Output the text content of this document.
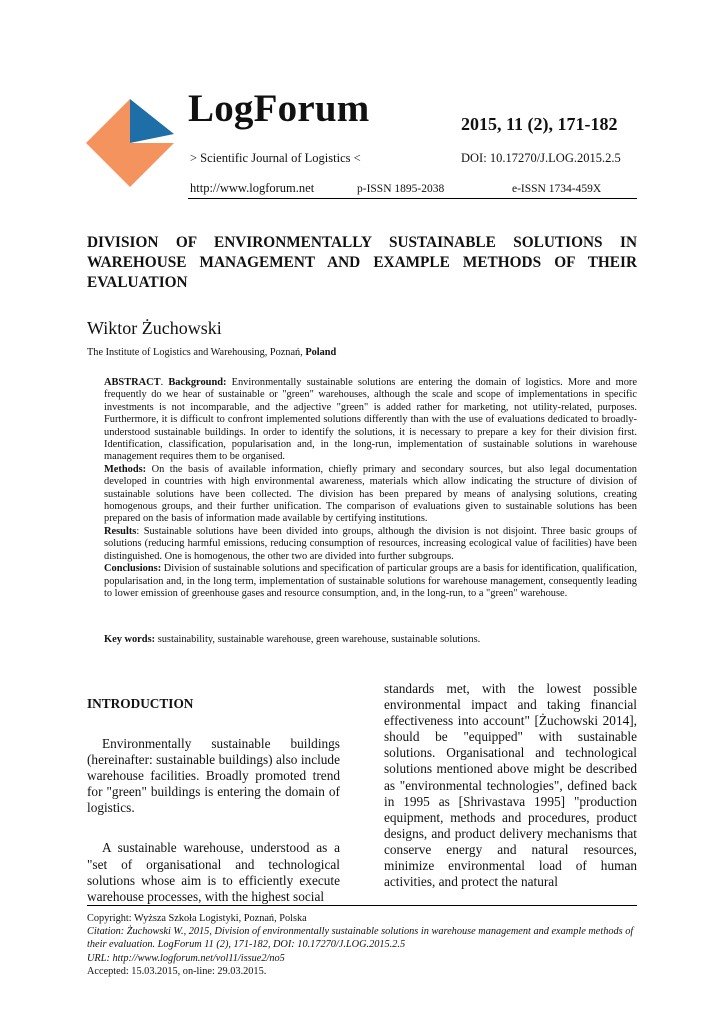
LogForum	2015, 11 (2), 171-182
> Scientific Journal of Logistics <	DOI: 10.17270/J.LOG.2015.2.5
http://www.logforum.net	p-ISSN 1895-2038	e-ISSN 1734-459X
DIVISION OF ENVIRONMENTALLY SUSTAINABLE SOLUTIONS IN WAREHOUSE MANAGEMENT AND EXAMPLE METHODS OF THEIR EVALUATION
Wiktor Żuchowski
The Institute of Logistics and Warehousing, Poznań, Poland

ABSTRACT. Background: Environmentally sustainable solutions are entering the domain of logistics. More and more frequently do we hear of sustainable or "green" warehouses, although the scale and scope of implementations in specific investments is not incomparable, and the adjective "green" is added rather for marketing, not utility-related, purposes. Furthermore, it is difficult to confront implemented solutions differently than with the use of evaluations dedicated to broadly-understood sustainable buildings. In order to identify the solutions, it is necessary to prepare a key for their division first. Identification, classification, popularisation and, in the long-run, implementation of sustainable solutions in warehouse management requires them to be organised.

Methods: On the basis of available information, chiefly primary and secondary sources, but also legal documentation developed in countries with high environmental awareness, materials which allow indicating the structure of division of sustainable solutions have been collected. The division has been prepared by means of analysing solutions, creating homogenous groups, and their further unification. The comparison of evaluations given to sustainable solutions has been prepared on the basis of information made available by certifying institutions.

Results: Sustainable solutions have been divided into groups, although the division is not disjoint. Three basic groups of solutions (reducing harmful emissions, reducing consumption of resources, increasing ecological value of facilities) have been distinguished. One is homogenous, the other two are divided into further subgroups.

Conclusions: Division of sustainable solutions and specification of particular groups are a basis for identification, qualification, popularisation and, in the long term, implementation of sustainable solutions for warehouse management, consequently leading to lower emission of greenhouse gases and resource consumption, and, in the long-run, to a "green" warehouse.

Key words: sustainability, sustainable warehouse, green warehouse, sustainable solutions.
INTRODUCTION

Environmentally sustainable buildings (hereinafter: sustainable buildings) also include warehouse facilities. Broadly promoted trend for "green" buildings is entering the domain of logistics.

A sustainable warehouse, understood as a "set of organisational and technological solutions whose aim is to efficiently execute warehouse processes, with the highest social

standards met, with the lowest possible environmental impact and taking financial effectiveness into account" [Żuchowski 2014], should be "equipped" with sustainable solutions. Organisational and technological solutions mentioned above might be described as "environmental technologies", defined back in 1995 as [Shrivastava 1995] "production equipment, methods and procedures, product designs, and product delivery mechanisms that conserve energy and natural resources, minimize environmental load of human activities, and protect the natural

Copyright: Wyższa Szkoła Logistyki, Poznań, Polska
Citation: Żuchowski W., 2015, Division of environmentally sustainable solutions in warehouse management and example methods of their evaluation. LogForum 11 (2), 171-182, DOI: 10.17270/J.LOG.2015.2.5
URL: http://www.logforum.net/vol11/issue2/no5
Accepted: 15.03.2015, on-line: 29.03.2015.
